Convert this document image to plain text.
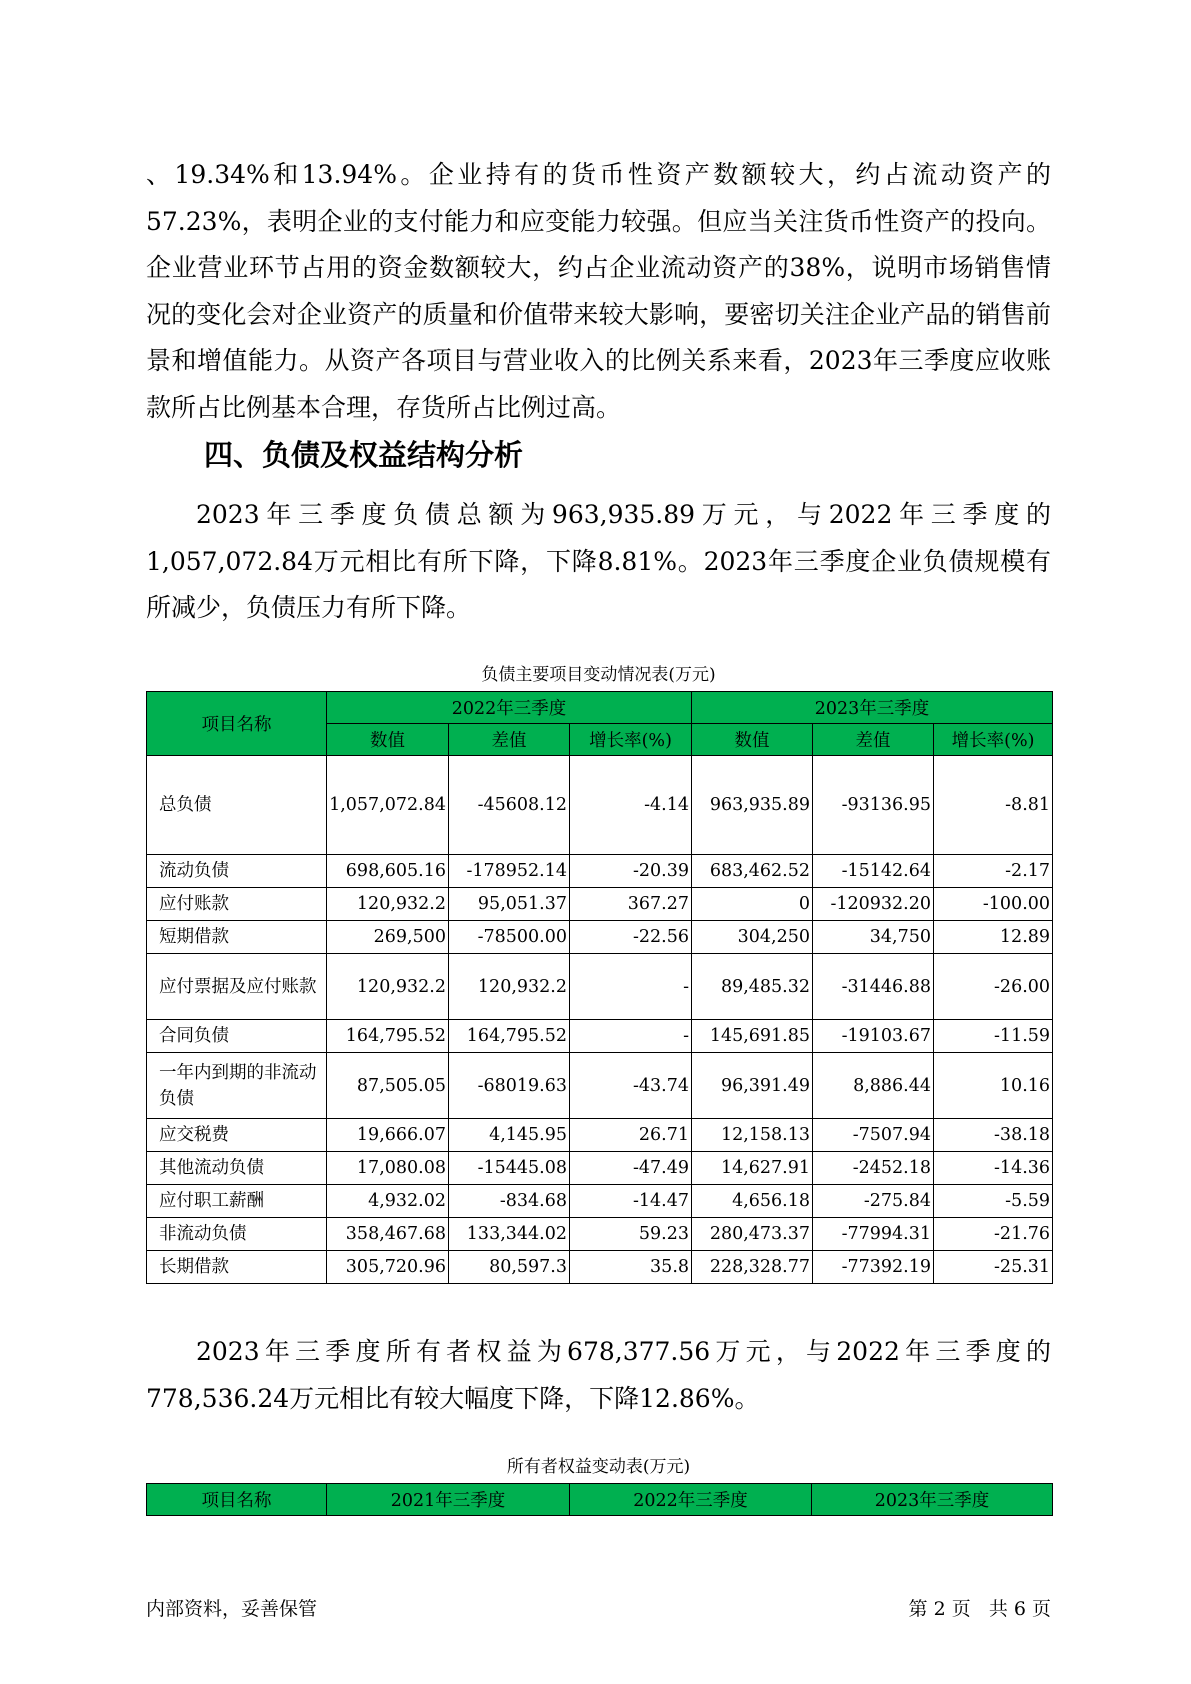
、19.34%和13.94%。企业持有的货币性资产数额较大，约占流动资产的57.23%，表明企业的支付能力和应变能力较强。但应当关注货币性资产的投向。企业营业环节占用的资金数额较大，约占企业流动资产的38%，说明市场销售情况的变化会对企业资产的质量和价值带来较大影响，要密切关注企业产品的销售前景和增值能力。从资产各项目与营业收入的比例关系来看，2023年三季度应收账款所占比例基本合理，存货所占比例过高。

四、负债及权益结构分析

2023年三季度负债总额为963,935.89万元，与2022年三季度的1,057,072.84万元相比有所下降，下降8.81%。2023年三季度企业负债规模有所减少，负债压力有所下降。

负债主要项目变动情况表(万元)
项目名称	2022年三季度			2023年三季度		
	数值	差值	增长率(%)	数值	差值	增长率(%)
总负债	1,057,072.84	-45608.12	-4.14	963,935.89	-93136.95	-8.81
流动负债	698,605.16	-178952.14	-20.39	683,462.52	-15142.64	-2.17
应付账款	120,932.2	95,051.37	367.27	0	-120932.20	-100.00
短期借款	269,500	-78500.00	-22.56	304,250	34,750	12.89
应付票据及应付账款	120,932.2	120,932.2	-	89,485.32	-31446.88	-26.00
合同负债	164,795.52	164,795.52	-	145,691.85	-19103.67	-11.59
一年内到期的非流动负债	87,505.05	-68019.63	-43.74	96,391.49	8,886.44	10.16
应交税费	19,666.07	4,145.95	26.71	12,158.13	-7507.94	-38.18
其他流动负债	17,080.08	-15445.08	-47.49	14,627.91	-2452.18	-14.36
应付职工薪酬	4,932.02	-834.68	-14.47	4,656.18	-275.84	-5.59
非流动负债	358,467.68	133,344.02	59.23	280,473.37	-77994.31	-21.76
长期借款	305,720.96	80,597.3	35.8	228,328.77	-77392.19	-25.31

2023年三季度所有者权益为678,377.56万元，与2022年三季度的778,536.24万元相比有较大幅度下降，下降12.86%。

所有者权益变动表(万元)
项目名称	2021年三季度	2022年三季度	2023年三季度
内部资料，妥善保管	第 2 页   共 6 页
